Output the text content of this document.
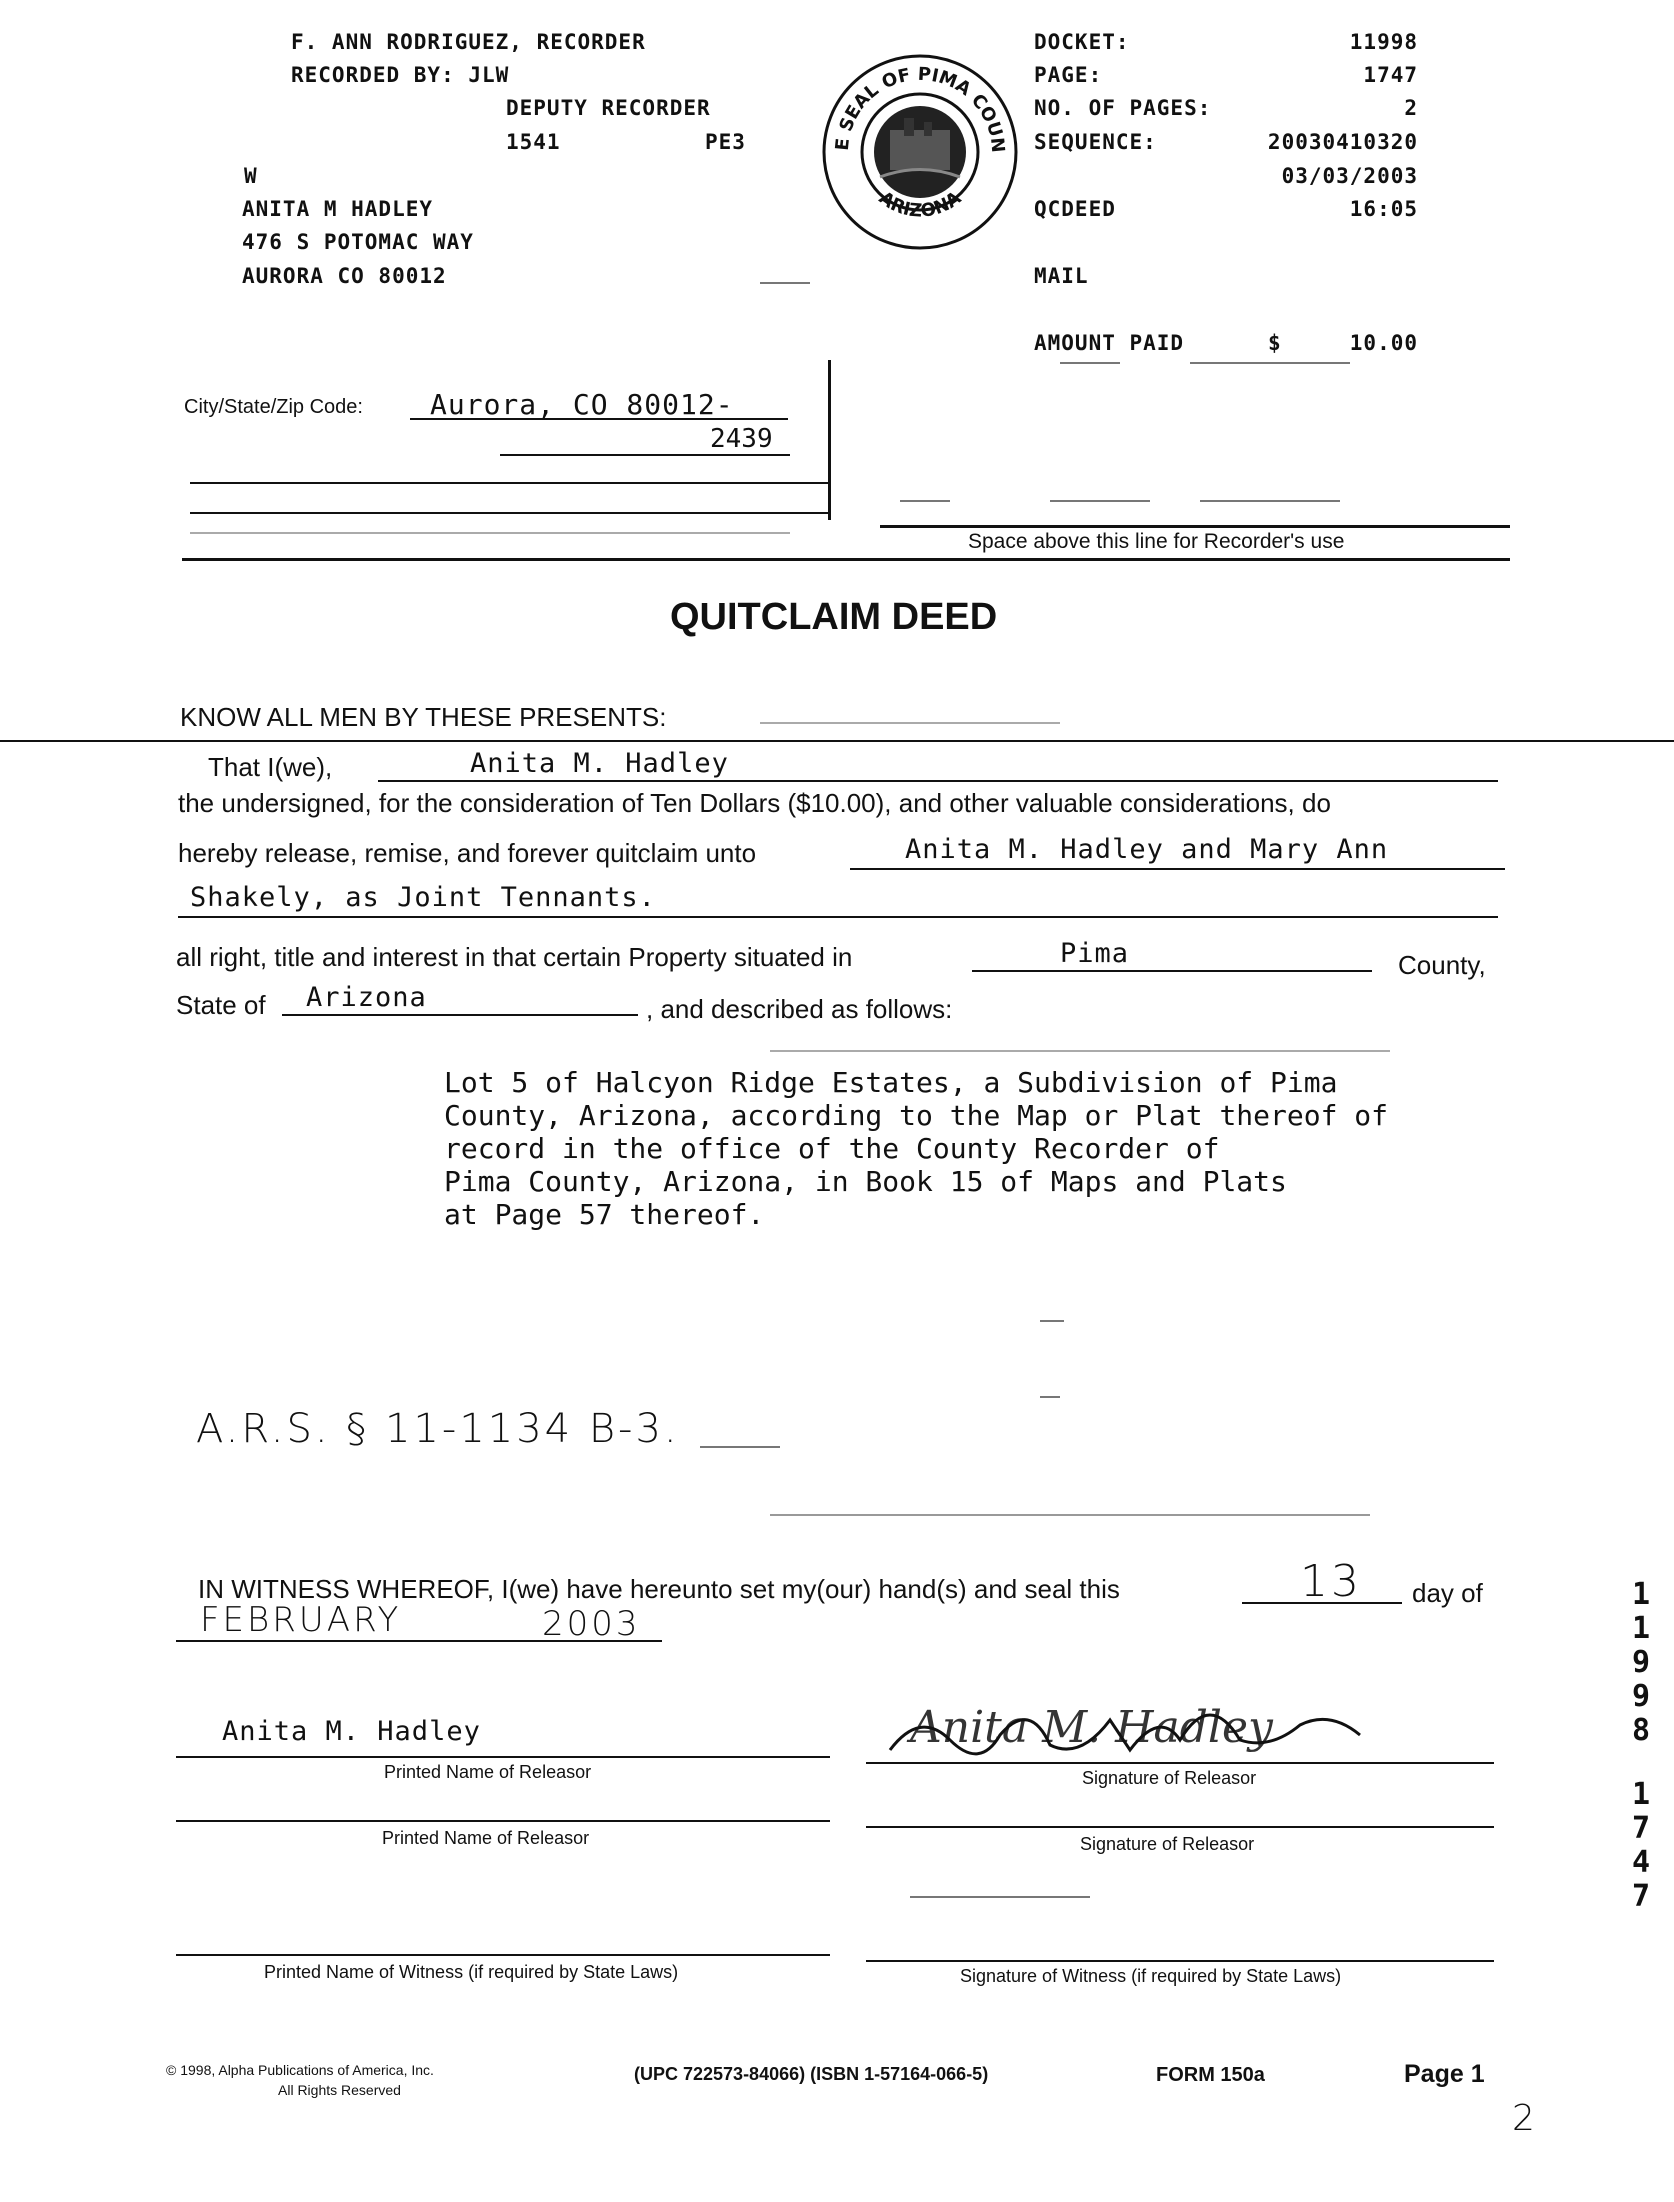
F. ANN RODRIGUEZ, RECORDER
RECORDED BY: JLW
DEPUTY RECORDER
1541	PE3
W
ANITA M HADLEY
476 S POTOMAC WAY
AURORA CO 80012
E SEAL OF PIMA COUN
ARIZONA
DOCKET:	11998
PAGE:	1747
NO. OF PAGES:	2
SEQUENCE:	20030410320
03/03/2003
QCDEED	16:05
MAIL
AMOUNT PAID	$	10.00
City/State/Zip Code: Aurora, CO 80012-
2439
Space above this line for Recorder's use
QUITCLAIM DEED
KNOW ALL MEN BY THESE PRESENTS:
That I(we),	Anita M. Hadley
the undersigned, for the consideration of Ten Dollars ($10.00), and other valuable considerations, do
hereby release, remise, and forever quitclaim unto	Anita M. Hadley and Mary Ann
Shakely, as Joint Tennants.
all right, title and interest in that certain Property situated in	Pima	County,
State of Arizona	, and described as follows:
Lot 5 of Halcyon Ridge Estates, a Subdivision of Pima
County, Arizona, according to the Map or Plat thereof of
record in the office of the County Recorder of
Pima County, Arizona, in Book 15 of Maps and Plats
at Page 57 thereof.
A.R.S. § 11-1134 B-3.
IN WITNESS WHEREOF, I(we) have hereunto set my(our) hand(s) and seal this	13 day of
FEBRUARY	2003
Anita M. Hadley
Printed Name of Releasor
Anita M. Hadley
Signature of Releasor
Printed Name of Releasor	Signature of Releasor
Printed Name of Witness (if required by State Laws)	Signature of Witness (if required by State Laws)
© 1998, Alpha Publications of America, Inc.
All Rights Reserved
(UPC 722573-84066) (ISBN 1-57164-066-5)	FORM 150a	Page 1
2
1
1
9
9
8
1
7
4
7
